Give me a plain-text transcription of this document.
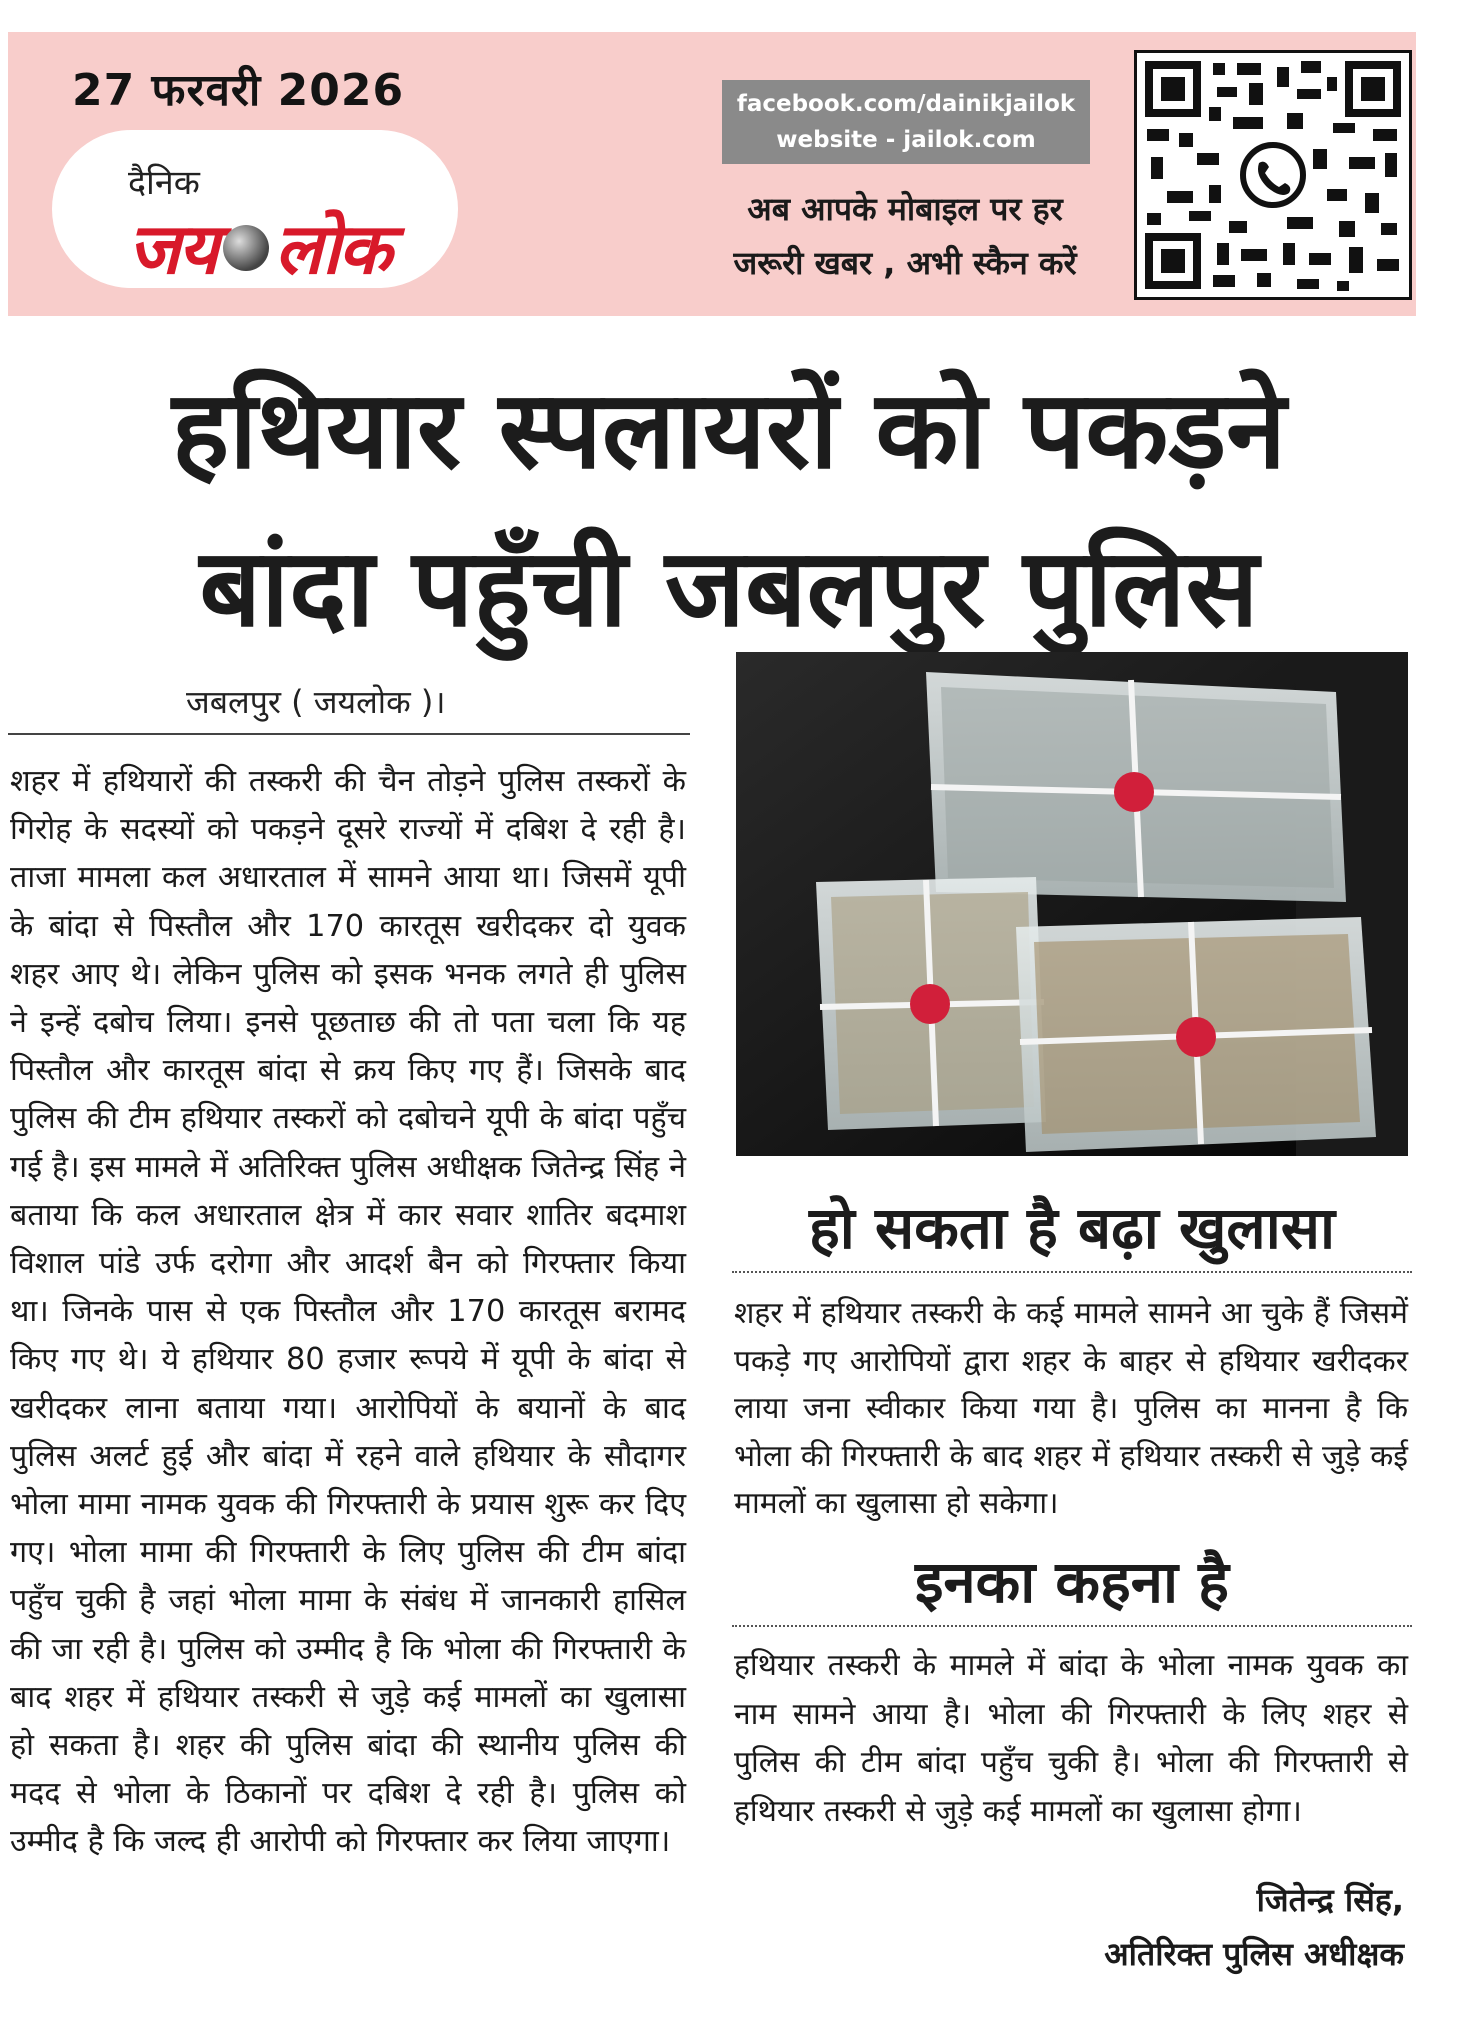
27 फरवरी 2026
दैनिक
जय लोक
facebook.com/dainikjailok
website - jailok.com
अब आपके मोबाइल पर हर
जरूरी खबर , अभी स्कैन करें
हथियार स्पलायरों को पकड़ने
बांदा पहुँची जबलपुर पुलिस
जबलपुर ( जयलोक )।

शहर में हथियारों की तस्करी की चैन तोड़ने पुलिस तस्करों के गिरोह के सदस्यों को पकड़ने दूसरे राज्यों में दबिश दे रही है। ताजा मामला कल अधारताल में सामने आया था। जिसमें यूपी के बांदा से पिस्तौल और 170 कारतूस खरीदकर दो युवक शहर आए थे। लेकिन पुलिस को इसक भनक लगते ही पुलिस ने इन्हें दबोच लिया। इनसे पूछताछ की तो पता चला कि यह पिस्तौल और कारतूस बांदा से क्रय किए गए हैं। जिसके बाद पुलिस की टीम हथियार तस्करों को दबोचने यूपी के बांदा पहुँच गई है। इस मामले में अतिरिक्त पुलिस अधीक्षक जितेन्द्र सिंह ने बताया कि कल अधारताल क्षेत्र में कार सवार शातिर बदमाश विशाल पांडे उर्फ दरोगा और आदर्श बैन को गिरफ्तार किया था। जिनके पास से एक पिस्तौल और 170 कारतूस बरामद किए गए थे। ये हथियार 80 हजार रूपये में यूपी के बांदा से खरीदकर लाना बताया गया। आरोपियों के बयानों के बाद पुलिस अलर्ट हुई और बांदा में रहने वाले हथियार के सौदागर भोला मामा नामक युवक की गिरफ्तारी के प्रयास शुरू कर दिए गए। भोला मामा की गिरफ्तारी के लिए पुलिस की टीम बांदा पहुँच चुकी है जहां भोला मामा के संबंध में जानकारी हासिल की जा रही है। पुलिस को उम्मीद है कि भोला की गिरफ्तारी के बाद शहर में हथियार तस्करी से जुड़े कई मामलों का खुलासा हो सकता है। शहर की पुलिस बांदा की स्थानीय पुलिस की मदद से भोला के ठिकानों पर दबिश दे रही है। पुलिस को उम्मीद है कि जल्द ही आरोपी को गिरफ्तार कर लिया जाएगा।

हो सकता है बढ़ा खुलासा

शहर में हथियार तस्करी के कई मामले सामने आ चुके हैं जिसमें पकड़े गए आरोपियों द्वारा शहर के बाहर से हथियार खरीदकर लाया जना स्वीकार किया गया है। पुलिस का मानना है कि भोला की गिरफ्तारी के बाद शहर में हथियार तस्करी से जुड़े कई मामलों का खुलासा हो सकेगा।

इनका कहना है

हथियार तस्करी के मामले में बांदा के भोला नामक युवक का नाम सामने आया है। भोला की गिरफ्तारी के लिए शहर से पुलिस की टीम बांदा पहुँच चुकी है। भोला की गिरफ्तारी से हथियार तस्करी से जुड़े कई मामलों का खुलासा होगा।

जितेन्द्र सिंह,
अतिरिक्त पुलिस अधीक्षक
